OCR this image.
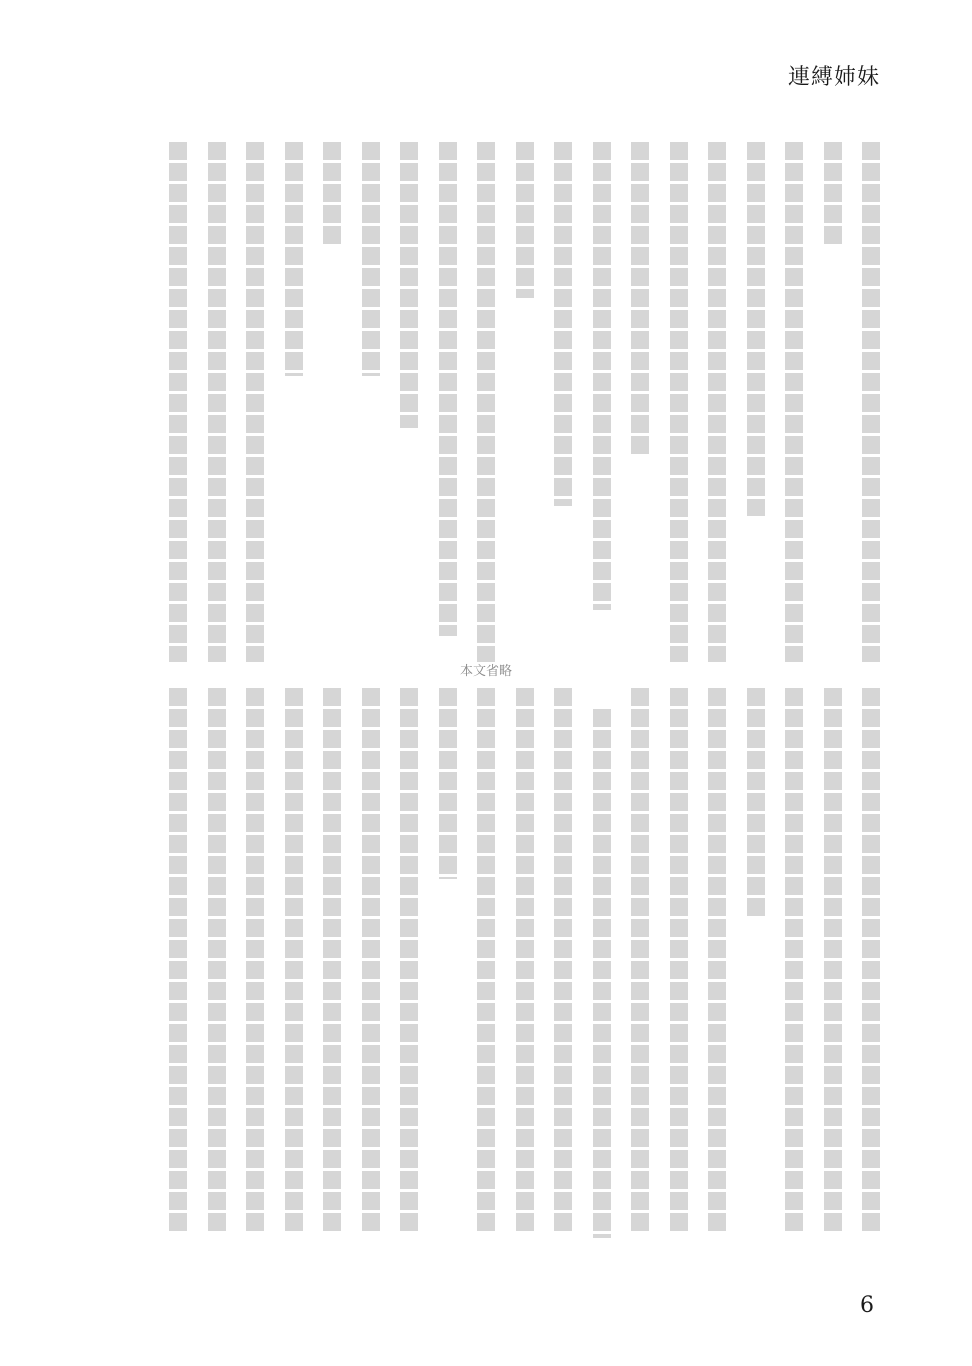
連縛姉妹
本文省略
6
